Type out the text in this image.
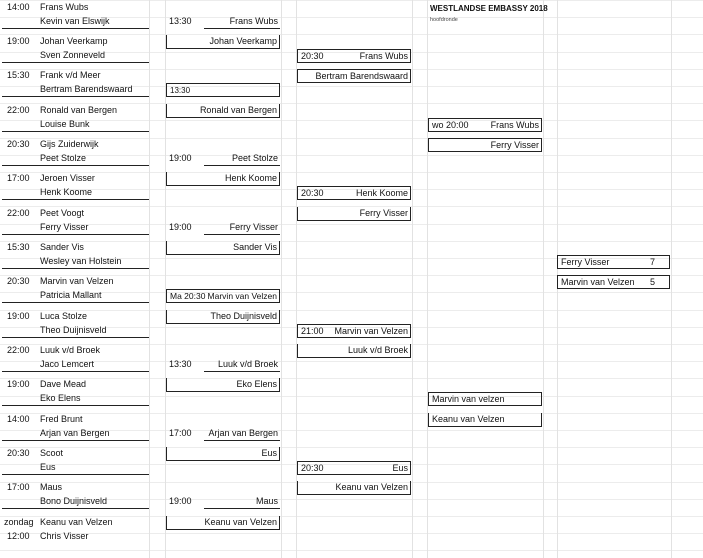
WESTLANDSE EMBASSY 2018
hoofdronde
14:00	Frans Wubs
Kevin van Elswijk
19:00	Johan Veerkamp
Sven Zonneveld
15:30	Frank v/d Meer
Bertram Barendswaard
22:00	Ronald van Bergen
Louise Bunk
20:30	Gijs Zuiderwijk
Peet Stolze
17:00	Jeroen Visser
Henk Koome
22:00	Peet Voogt
Ferry Visser
15:30	Sander Vis
Wesley van Holstein
20:30	Marvin van Velzen
Patricia Mallant
19:00	Luca Stolze
Theo Duijnisveld
22:00	Luuk v/d Broek
Jaco Lemcert
19:00	Dave Mead
Eko Elens
14:00	Fred Brunt
Arjan van Bergen
20:30	Scoot
Eus
17:00	Maus
Bono Duijnisveld
zondag Keanu van Velzen
12:00	Chris Visser
13:30	Frans Wubs
Johan Veerkamp
13:30
Ronald van Bergen
19:00	Peet Stolze
Henk Koome
19:00	Ferry Visser
Sander Vis
Ma 20:30 Marvin van Velzen
Theo Duijnisveld
13:30	Luuk v/d Broek
Eko Elens
17:00	Arjan van Bergen
Eus
19:00	Maus
Keanu van Velzen
20:30	Frans Wubs
Bertram Barendswaard
20:30	Henk Koome
Ferry Visser
21:00	Marvin van Velzen
Luuk v/d Broek
20:30	Eus
Keanu van Velzen
wo 20:00	Frans Wubs
Ferry Visser
Marvin van velzen
Keanu van Velzen
Ferry Visser	7
Marvin van Velzen	5
